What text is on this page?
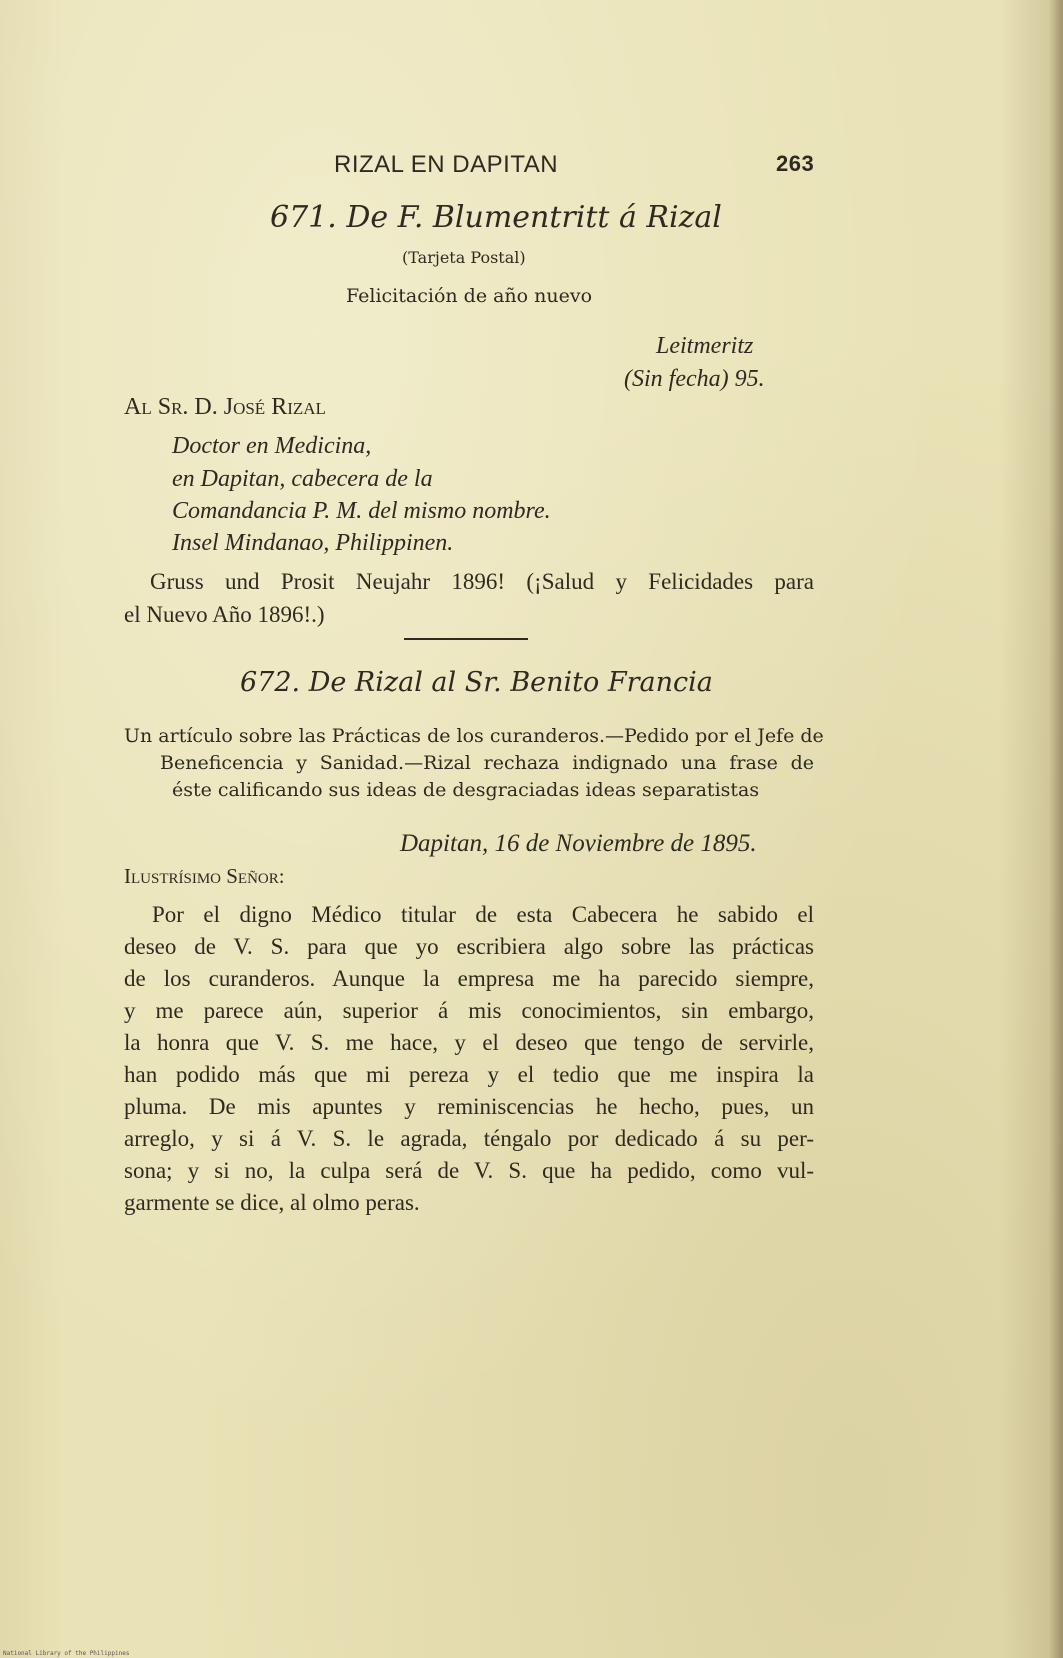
RIZAL EN DAPITAN	263
671. De F. Blumentritt á Rizal
(Tarjeta Postal)
Felicitación de año nuevo
Leitmeritz
(Sin fecha) 95.
Al Sr. D. José Rizal
Doctor en Medicina,
en Dapitan, cabecera de la
Comandancia P. M. del mismo nombre.
Insel Mindanao, Philippinen.
Gruss und Prosit Neujahr 1896! (¡Salud y Felicidades para
el Nuevo Año 1896!.)
672. De Rizal al Sr. Benito Francia
Un artículo sobre las Prácticas de los curanderos.—Pedido por el Jefe de
Beneficencia y Sanidad.—Rizal rechaza indignado una frase de
éste calificando sus ideas de desgraciadas ideas separatistas
Dapitan, 16 de Noviembre de 1895.
Ilustrísimo Señor:
Por el digno Médico titular de esta Cabecera he sabido el
deseo de V. S. para que yo escribiera algo sobre las prácticas
de los curanderos. Aunque la empresa me ha parecido siempre,
y me parece aún, superior á mis conocimientos, sin embargo,
la honra que V. S. me hace, y el deseo que tengo de servirle,
han podido más que mi pereza y el tedio que me inspira la
pluma. De mis apuntes y reminiscencias he hecho, pues, un
arreglo, y si á V. S. le agrada, téngalo por dedicado á su per-
sona; y si no, la culpa será de V. S. que ha pedido, como vul-
garmente se dice, al olmo peras.
National Library of the Philippines
